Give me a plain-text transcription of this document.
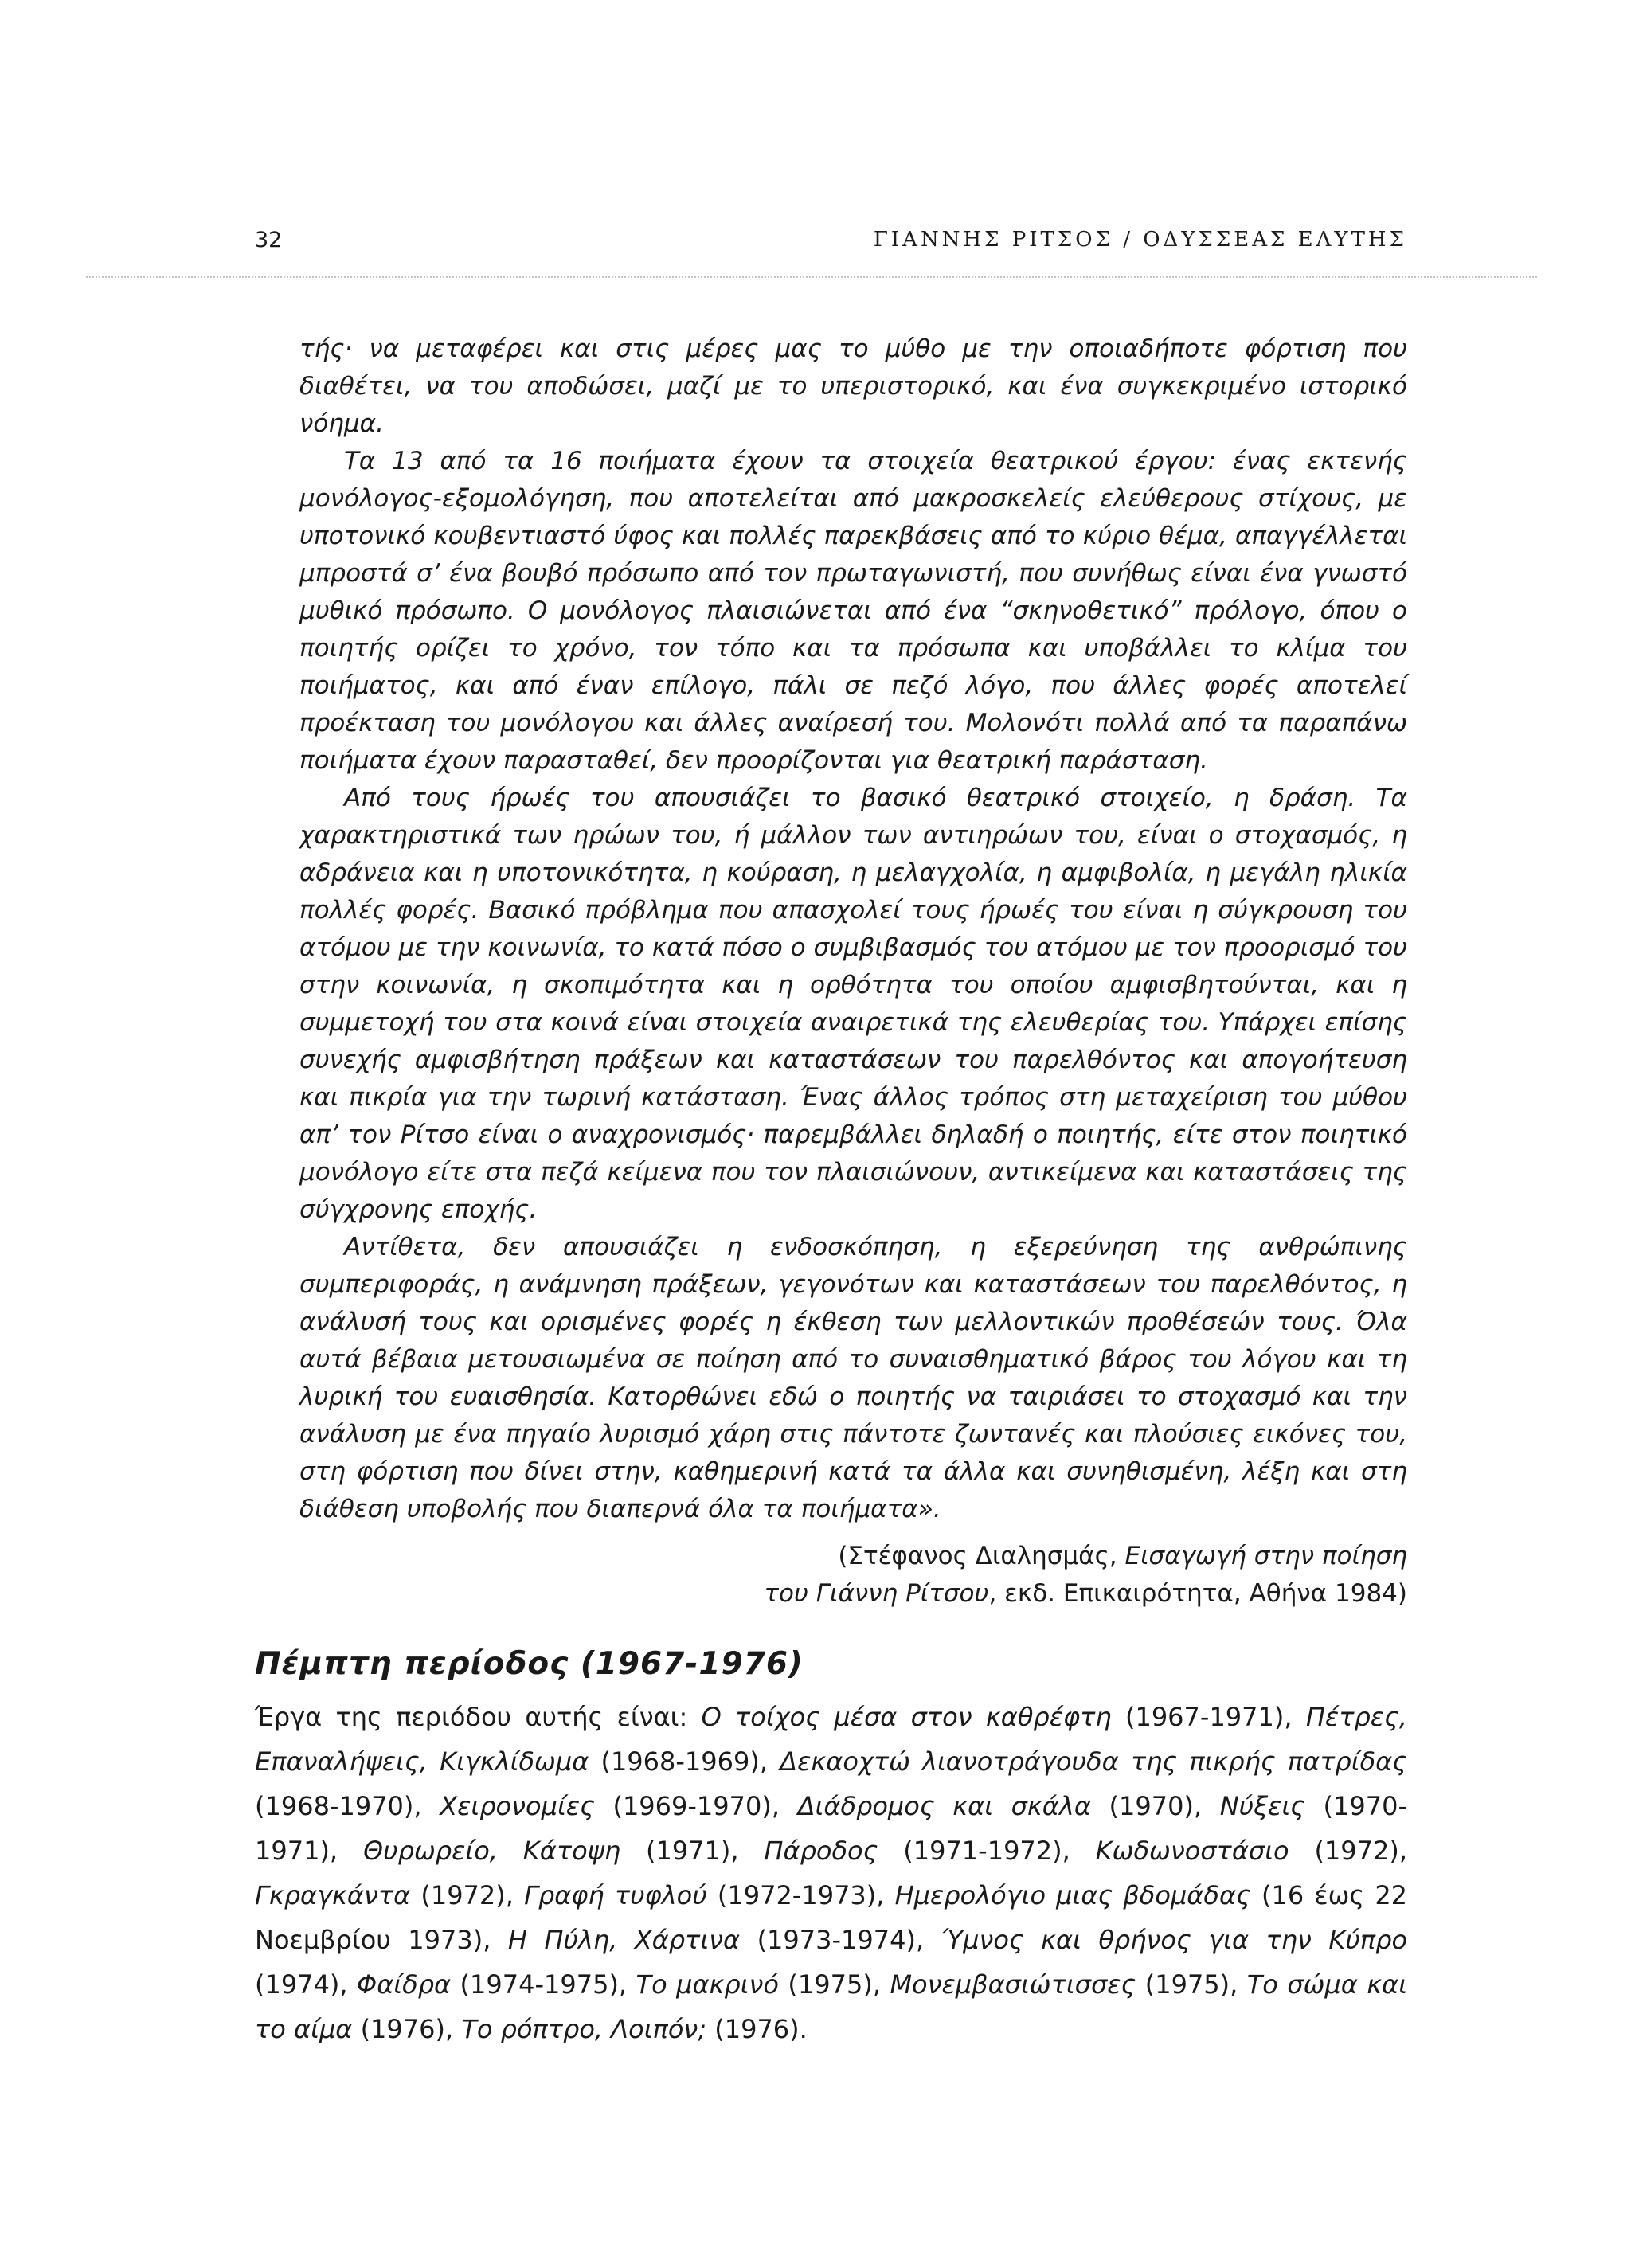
32	ΓΙΑΝΝΗΣ ΡΙΤΣΟΣ / ΟΔΥΣΣΕΑΣ ΕΛΥΤΗΣ

τής· να μεταφέρει και στις μέρες μας το μύθο με την οποιαδήποτε φόρτιση που διαθέτει, να του αποδώσει, μαζί με το υπεριστορικό, και ένα συγκεκριμένο ιστορικό νόημα.

Τα 13 από τα 16 ποιήματα έχουν τα στοιχεία θεατρικού έργου: ένας εκτενής μονόλογος-εξομολόγηση, που αποτελείται από μακροσκελείς ελεύθερους στίχους, με υποτονικό κουβεντιαστό ύφος και πολλές παρεκβάσεις από το κύριο θέμα, απαγγέλλεται μπροστά σ’ ένα βουβό πρόσωπο από τον πρωταγωνιστή, που συνήθως είναι ένα γνωστό μυθικό πρόσωπο. Ο μονόλογος πλαισιώνεται από ένα “σκηνοθετικό” πρόλογο, όπου ο ποιητής ορίζει το χρόνο, τον τόπο και τα πρόσωπα και υποβάλλει το κλίμα του ποιήματος, και από έναν επίλογο, πάλι σε πεζό λόγο, που άλλες φορές αποτελεί προέκταση του μονόλογου και άλλες αναίρεσή του. Μολονότι πολλά από τα παραπάνω ποιήματα έχουν παρασταθεί, δεν προορίζονται για θεατρική παράσταση.

Από τους ήρωές του απουσιάζει το βασικό θεατρικό στοιχείο, η δράση. Τα χαρακτηριστικά των ηρώων του, ή μάλλον των αντιηρώων του, είναι ο στοχασμός, η αδράνεια και η υποτονικότητα, η κούραση, η μελαγχολία, η αμφιβολία, η μεγάλη ηλικία πολλές φορές. Βασικό πρόβλημα που απασχολεί τους ήρωές του είναι η σύγκρουση του ατόμου με την κοινωνία, το κατά πόσο ο συμβιβασμός του ατόμου με τον προορισμό του στην κοινωνία, η σκοπιμότητα και η ορθότητα του οποίου αμφισβητούνται, και η συμμετοχή του στα κοινά είναι στοιχεία αναιρετικά της ελευθερίας του. Υπάρχει επίσης συνεχής αμφισβήτηση πράξεων και καταστάσεων του παρελθόντος και απογοήτευση και πικρία για την τωρινή κατάσταση. Ένας άλλος τρόπος στη μεταχείριση του μύθου απ’ τον Ρίτσο είναι ο αναχρονισμός· παρεμβάλλει δηλαδή ο ποιητής, είτε στον ποιητικό μονόλογο είτε στα πεζά κείμενα που τον πλαισιώνουν, αντικείμενα και καταστάσεις της σύγχρονης εποχής.

Αντίθετα, δεν απουσιάζει η ενδοσκόπηση, η εξερεύνηση της ανθρώπινης συμπεριφοράς, η ανάμνηση πράξεων, γεγονότων και καταστάσεων του παρελθόντος, η ανάλυσή τους και ορισμένες φορές η έκθεση των μελλοντικών προθέσεών τους. Όλα αυτά βέβαια μετουσιωμένα σε ποίηση από το συναισθηματικό βάρος του λόγου και τη λυρική του ευαισθησία. Κατορθώνει εδώ ο ποιητής να ταιριάσει το στοχασμό και την ανάλυση με ένα πηγαίο λυρισμό χάρη στις πάντοτε ζωντανές και πλούσιες εικόνες του, στη φόρτιση που δίνει στην, καθημερινή κατά τα άλλα και συνηθισμένη, λέξη και στη διάθεση υποβολής που διαπερνά όλα τα ποιήματα».

(Στέφανος Διαλησμάς, Εισαγωγή στην ποίηση
του Γιάννη Ρίτσου, εκδ. Επικαιρότητα, Αθήνα 1984)
Πέμπτη περίοδος (1967-1976)

Έργα της περιόδου αυτής είναι: Ο τοίχος μέσα στον καθρέφτη (1967-1971), Πέτρες, Επαναλήψεις, Κιγκλίδωμα (1968-1969), Δεκαοχτώ λιανοτράγουδα της πικρής πατρίδας (1968-1970), Χειρονομίες (1969-1970), Διάδρομος και σκάλα (1970), Νύξεις (1970-1971), Θυρωρείο, Κάτοψη (1971), Πάροδος (1971-1972), Κωδωνοστάσιο (1972), Γκραγκάντα (1972), Γραφή τυφλού (1972-1973), Ημερολόγιο μιας βδομάδας (16 έως 22 Νοεμβρίου 1973), Η Πύλη, Χάρτινα (1973-1974), Ύμνος και θρήνος για την Κύπρο (1974), Φαίδρα (1974-1975), Το μακρινό (1975), Μονεμβασιώτισσες (1975), Το σώμα και το αίμα (1976), Το ρόπτρο, Λοιπόν; (1976).
